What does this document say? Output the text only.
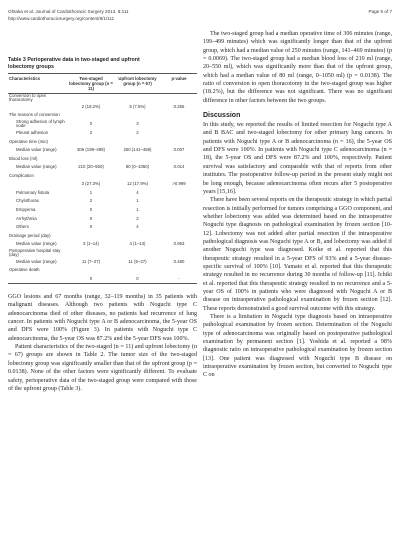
Ohtaka et al. Journal of Cardiothoracic Surgery 2013, 8:111
http://www.cardiothoracicsurgery.org/content/8/1/111
Page 5 of 7
Table 3 Perioperative data in two-staged and upfront lobectomy groups
Characteristics	Two-staged lobectomy group (n = 11)	Upfront lobectomy group (n = 67)	p-value
Conversion to open thoracotomy			
	2 (18.2%)	5 (7.5%)	0.255
The reasons of conversion			
Strong adhesion of lymph node	0	3	
Pleural adhesion	2	2	
Operative time (min)			
Median value (range)	306 (199–499)	250 (141–469)	0.007
Blood loss (ml)			
Median value (range)	210 (20–550)	80 (0–1050)	0.014
Complication			
	3 (27.3%)	12 (17.9%)	>0.999
Pulmonary fistula	1	4	
Chylothorax	2	1	
Empyema	0	1	
Arrhythmia	0	2	
Others	0	4	
Drainage period (day)			
Median value (range)	3 (1–14)	4 (1–13)	0.953
Postoperative hospital stay (day)			
Median value (range)	11 (7–27)	11 (5–27)	0.480
Operative death			
	0	0	-

GGO lesions and 67 months (range, 32–119 months) in 35 patients with malignant diseases. Although two patients with Noguchi type C adenocarcinoma died of other diseases, no patients had recurrence of lung cancer. In patients with Noguchi type A or B adenocarcinoma, the 5-year OS and DFS were 100% (Figure 3). In patients with Noguchi type C adenocarcinoma, the 5-year OS was 87.2% and the 5-year DFS was 100%.

Patient characteristics of the two-staged (n = 11) and upfront lobectomy (n = 67) groups are shown in Table 2. The tumor size of the two-staged lobectomy group was significantly smaller than that of the upfront group (p = 0.0138). None of the other factors were significantly different. To evaluate safety, perioperative data of the two-staged group were compared with those of the upfront group (Table 3).

The two-staged group had a median operative time of 306 minutes (range, 199–499 minutes) which was significantly longer than that of the upfront group, which had a median value of 250 minutes (range, 141–469 minutes) (p = 0.0069). The two-staged group had a median blood loss of 210 ml (range, 20–550 ml), which was significantly more than that of the upfront group, which had a median value of 80 ml (range, 0–1050 ml) (p = 0.0138). The ratio of conversion to open thoracotomy in the two-staged group was higher (18.2%), but the difference was not significant. There was no significant difference in other factors between the two groups.

Discussion

In this study, we reported the results of limited resection for Noguchi type A and B BAC and two-staged lobectomy for other primary lung cancers. In patients with Noguchi type A or B adenocarcinoma (n = 16), the 5-year OS and DFS were 100%. In patients with Noguchi type C adenocarcinoma (n = 18), the 5-year OS and DFS were 87.2% and 100%, respectively. Patient survival was satisfactory and comparable with that of reports from other institutes. The postoperative follow-up period in the present study might not be long enough, because adenocarcinoma often recurs after 5 postoperative years [15,16].

There have been several reports on the therapeutic strategy in which partial resection is initially performed for tumors comprising a GGO component, and whether lobectomy was added was determined based on the intraoperative Noguchi type diagnosis on pathological examination by frozen section [10-12]. Lobectomy was not added after partial resection if the intraoperative pathological diagnosis was Noguchi type A or B, and lobectomy was added if another Noguchi type was diagnosed. Koike et al. reported that this therapeutic strategy resulted in a 5-year DFS of 93% and a 5-year disease-specific survival of 100% [10]. Yamato et al. reported that this therapeutic strategy resulted in no recurrence during 30 months of follow-up [11]. Ichiki et al. reported that this therapeutic strategy resulted in no recurrence and a 5-year OS of 100% in patients who were diagnosed with Noguchi A or B disease on intraoperative pathological examination by frozen section [12]. These reports demonstrated a good survival outcome with this strategy.

There is a limitation in Noguchi type diagnosis based on intraoperative pathological examination by frozen section. Determination of the Noguchi type of adenocarcinoma was originally based on postoperative pathological examination by permanent section [1]. Yoshida et al. reported a 98% diagnostic ratio on intraoperative pathological examination by frozen section [13]. One patient was diagnosed with Noguchi type B disease on intraoperative examination by frozen section, but converted to Noguchi type C on
